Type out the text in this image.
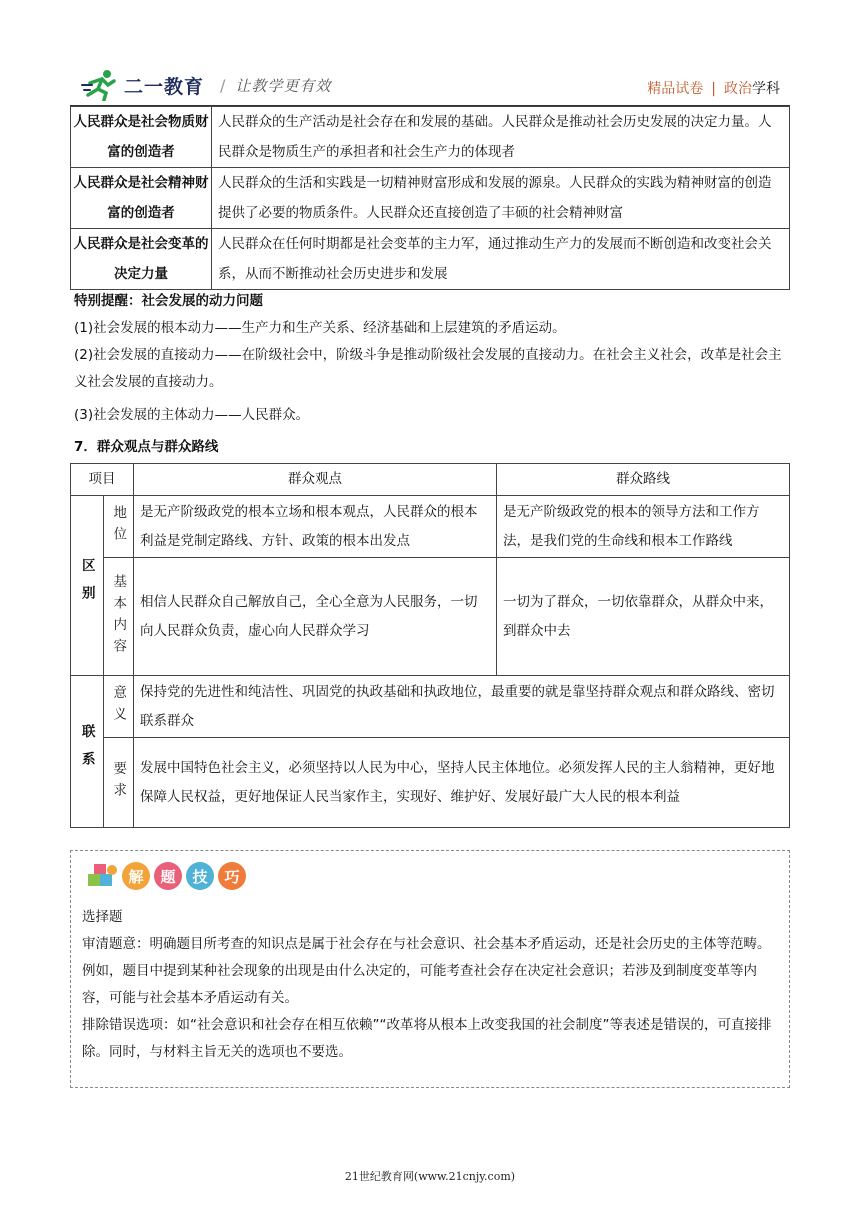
二一教育 / 让教学更有效	精品试卷 | 政治学科
人民群众是社会物质财富的创造者	人民群众的生产活动是社会存在和发展的基础。人民群众是推动社会历史发展的决定力量。人民群众是物质生产的承担者和社会生产力的体现者
人民群众是社会精神财富的创造者	人民群众的生活和实践是一切精神财富形成和发展的源泉。人民群众的实践为精神财富的创造提供了必要的物质条件。人民群众还直接创造了丰硕的社会精神财富
人民群众是社会变革的决定力量	人民群众在任何时期都是社会变革的主力军，通过推动生产力的发展而不断创造和改变社会关系，从而不断推动社会历史进步和发展
特别提醒：社会发展的动力问题
(1)社会发展的根本动力——生产力和生产关系、经济基础和上层建筑的矛盾运动。
(2)社会发展的直接动力——在阶级社会中，阶级斗争是推动阶级社会发展的直接动力。在社会主义社会，改革是社会主义社会发展的直接动力。
(3)社会发展的主体动力——人民群众。
7．群众观点与群众路线
项目		群众观点	群众路线
区别	地位	是无产阶级政党的根本立场和根本观点，人民群众的根本利益是党制定路线、方针、政策的根本出发点	是无产阶级政党的根本的领导方法和工作方法，是我们党的生命线和根本工作路线
	基本内容	相信人民群众自己解放自己，全心全意为人民服务，一切向人民群众负责，虚心向人民群众学习	一切为了群众，一切依靠群众，从群众中来，到群众中去
联系	意义	保持党的先进性和纯洁性、巩固党的执政基础和执政地位，最重要的就是靠坚持群众观点和群众路线、密切联系群众	
	要求	发展中国特色社会主义，必须坚持以人民为中心，坚持人民主体地位。必须发挥人民的主人翁精神，更好地保障人民权益，更好地保证人民当家作主，实现好、维护好、发展好最广大人民的根本利益	
解	题	技	巧
选择题
审清题意：明确题目所考查的知识点是属于社会存在与社会意识、社会基本矛盾运动，还是社会历史的主体等范畴。例如，题目中提到某种社会现象的出现是由什么决定的，可能考查社会存在决定社会意识；若涉及到制度变革等内容，可能与社会基本矛盾运动有关。
排除错误选项：如“社会意识和社会存在相互依赖”“改革将从根本上改变我国的社会制度”等表述是错误的，可直接排除。同时，与材料主旨无关的选项也不要选。
21世纪教育网(www.21cnjy.com)
